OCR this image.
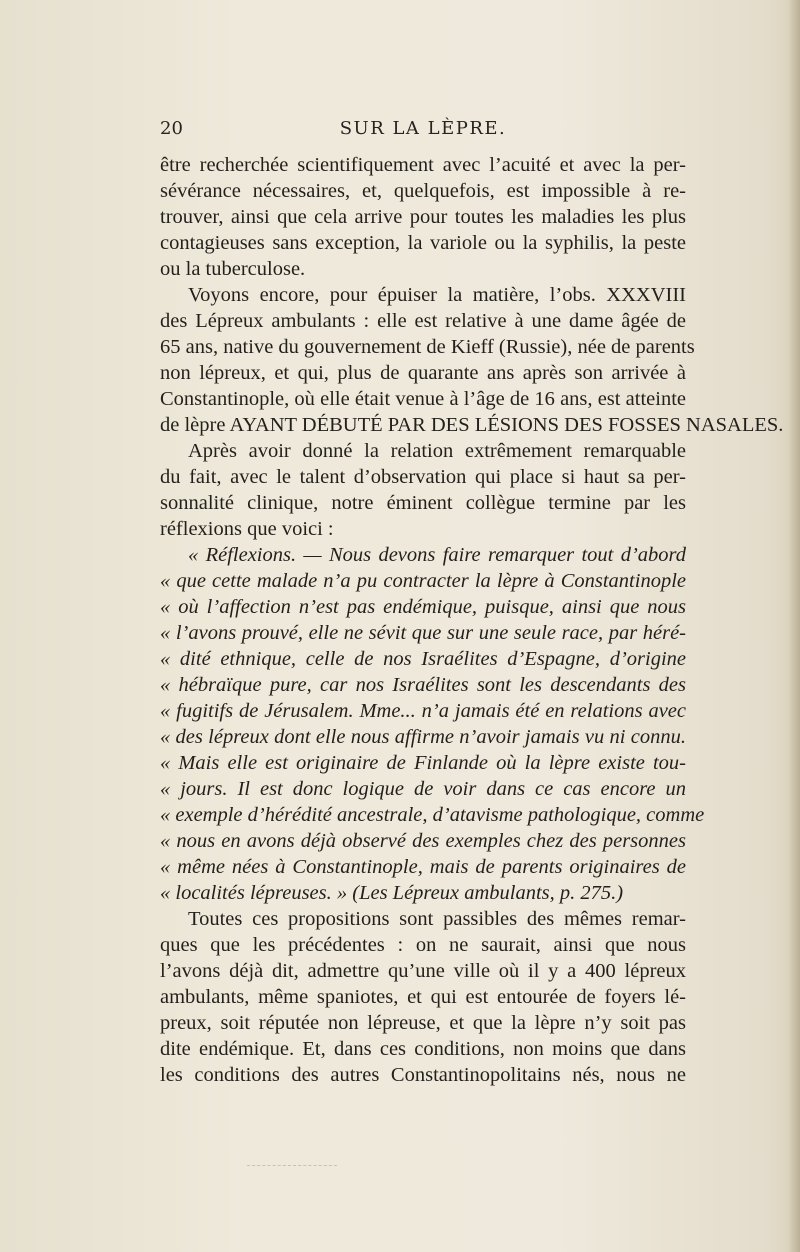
20	SUR LA LÈPRE.
être recherchée scientifiquement avec l’acuité et avec la per-
sévérance nécessaires, et, quelquefois, est impossible à re-
trouver, ainsi que cela arrive pour toutes les maladies les plus
contagieuses sans exception, la variole ou la syphilis, la peste
ou la tuberculose.
Voyons encore, pour épuiser la matière, l’obs. XXXVIII
des Lépreux ambulants : elle est relative à une dame âgée de
65 ans, native du gouvernement de Kieff (Russie), née de parents
non lépreux, et qui, plus de quarante ans après son arrivée à
Constantinople, où elle était venue à l’âge de 16 ans, est atteinte
de lèpre AYANT DÉBUTÉ PAR DES LÉSIONS DES FOSSES NASALES.
Après avoir donné la relation extrêmement remarquable
du fait, avec le talent d’observation qui place si haut sa per-
sonnalité clinique, notre éminent collègue termine par les
réflexions que voici :
« Réflexions. — Nous devons faire remarquer tout d’abord
« que cette malade n’a pu contracter la lèpre à Constantinople
« où l’affection n’est pas endémique, puisque, ainsi que nous
« l’avons prouvé, elle ne sévit que sur une seule race, par héré-
« dité ethnique, celle de nos Israélites d’Espagne, d’origine
« hébraïque pure, car nos Israélites sont les descendants des
« fugitifs de Jérusalem. Mme... n’a jamais été en relations avec
« des lépreux dont elle nous affirme n’avoir jamais vu ni connu.
« Mais elle est originaire de Finlande où la lèpre existe tou-
« jours. Il est donc logique de voir dans ce cas encore un
« exemple d’hérédité ancestrale, d’atavisme pathologique, comme
« nous en avons déjà observé des exemples chez des personnes
« même nées à Constantinople, mais de parents originaires de
« localités lépreuses. » (Les Lépreux ambulants, p. 275.)
Toutes ces propositions sont passibles des mêmes remar-
ques que les précédentes : on ne saurait, ainsi que nous
l’avons déjà dit, admettre qu’une ville où il y a 400 lépreux
ambulants, même spaniotes, et qui est entourée de foyers lé-
preux, soit réputée non lépreuse, et que la lèpre n’y soit pas
dite endémique. Et, dans ces conditions, non moins que dans
les conditions des autres Constantinopolitains nés, nous ne
